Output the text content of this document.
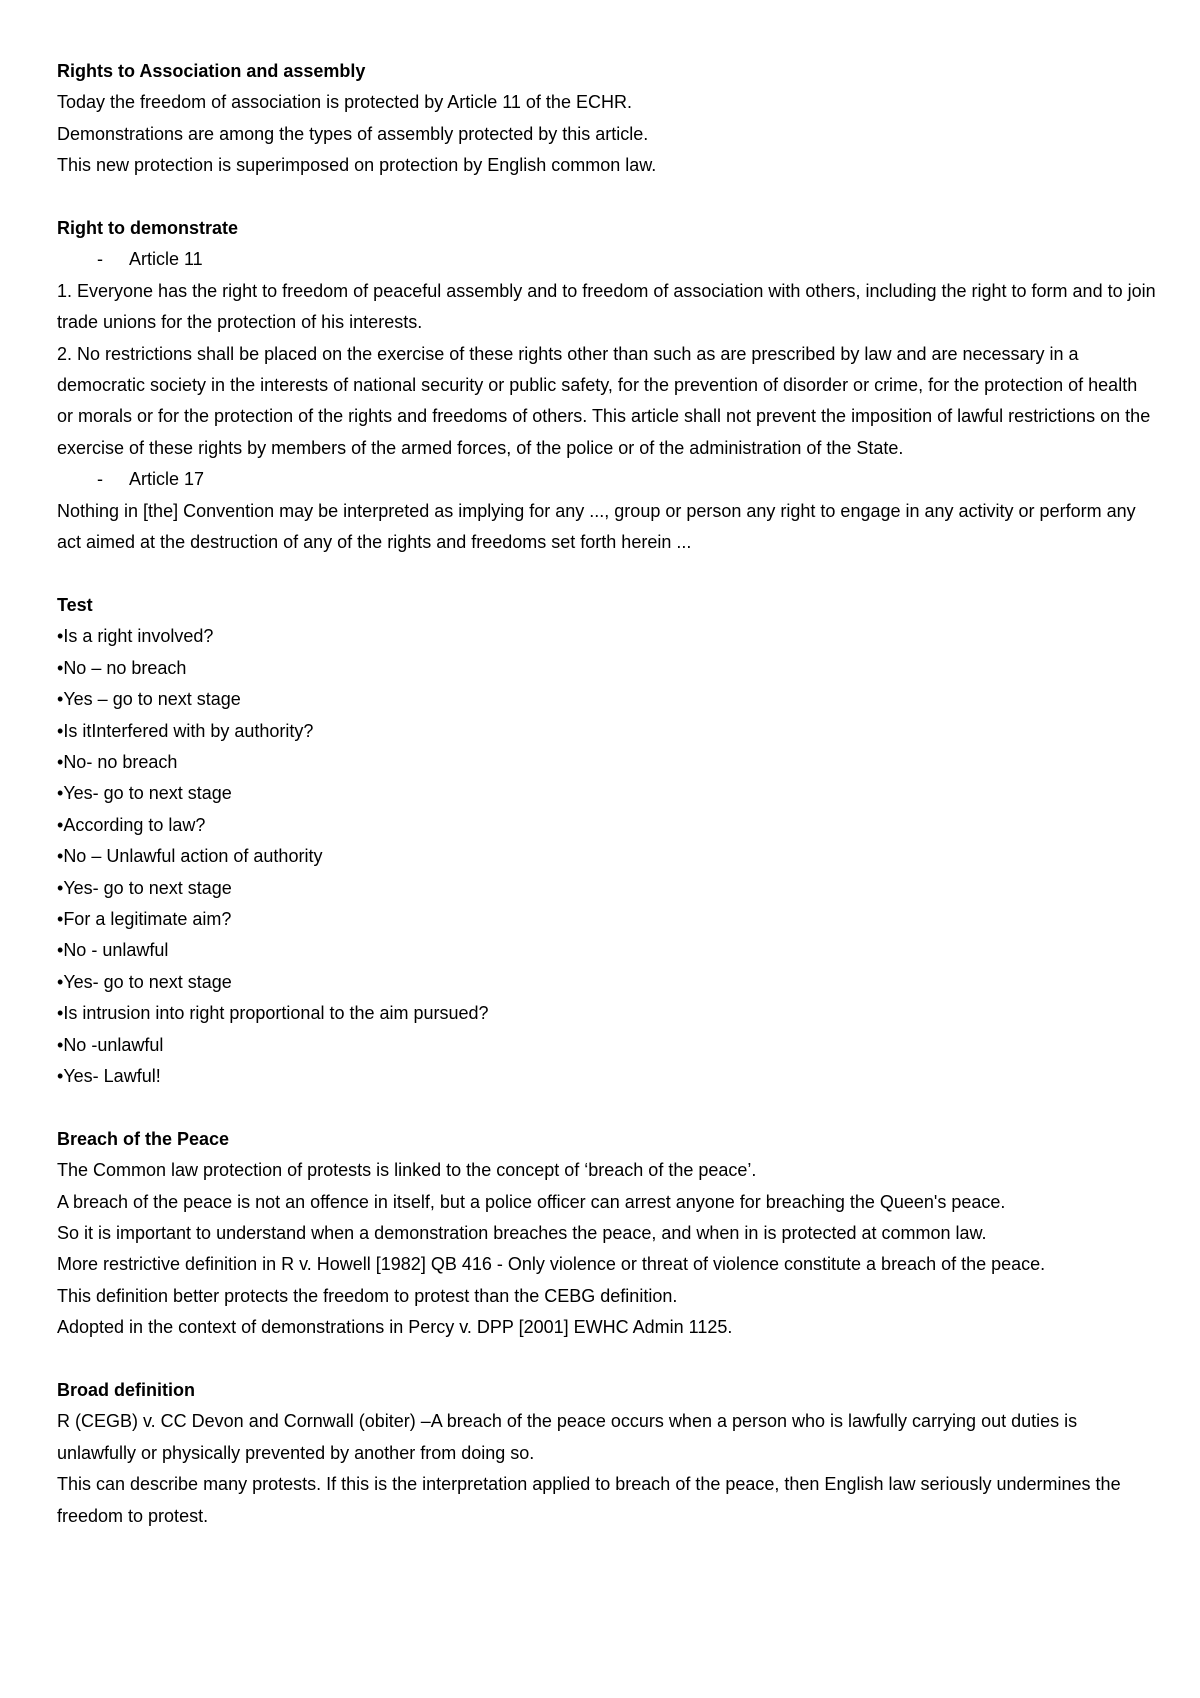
Rights to Association and assembly
Today the freedom of association is protected by Article 11 of the ECHR.
Demonstrations are among the types of assembly protected by this article.
This new protection is superimposed on protection by English common law.
Right to demonstrate
- Article 11
1. Everyone has the right to freedom of peaceful assembly and to freedom of association with others, including the right to form and to join trade unions for the protection of his interests.
2. No restrictions shall be placed on the exercise of these rights other than such as are prescribed by law and are necessary in a democratic society in the interests of national security or public safety, for the prevention of disorder or crime, for the protection of health or morals or for the protection of the rights and freedoms of others. This article shall not prevent the imposition of lawful restrictions on the exercise of these rights by members of the armed forces, of the police or of the administration of the State.
- Article 17
Nothing in [the] Convention may be interpreted as implying for any ..., group or person any right to engage in any activity or perform any act aimed at the destruction of any of the rights and freedoms set forth herein ...
Test
•Is a right involved?
•No – no breach
•Yes – go to next stage
•Is itInterfered with by authority?
•No- no breach
•Yes- go to next stage
•According to law?
•No – Unlawful action of authority
•Yes- go to next stage
•For a legitimate aim?
•No - unlawful
•Yes- go to next stage
•Is intrusion into right proportional to the aim pursued?
•No -unlawful
•Yes- Lawful!
Breach of the Peace
The Common law protection of protests is linked to the concept of ‘breach of the peace’.
A breach of the peace is not an offence in itself, but a police officer can arrest anyone for breaching the Queen's peace.
So it is important to understand when a demonstration breaches the peace, and when in is protected at common law.
More restrictive definition in R v. Howell [1982] QB 416 - Only violence or threat of violence constitute a breach of the peace.
This definition better protects the freedom to protest than the CEBG definition.
Adopted in the context of demonstrations in Percy v. DPP [2001] EWHC Admin 1125.
Broad definition
R (CEGB) v. CC Devon and Cornwall (obiter) –A breach of the peace occurs when a person who is lawfully carrying out duties is unlawfully or physically prevented by another from doing so.
This can describe many protests. If this is the interpretation applied to breach of the peace, then English law seriously undermines the freedom to protest.
